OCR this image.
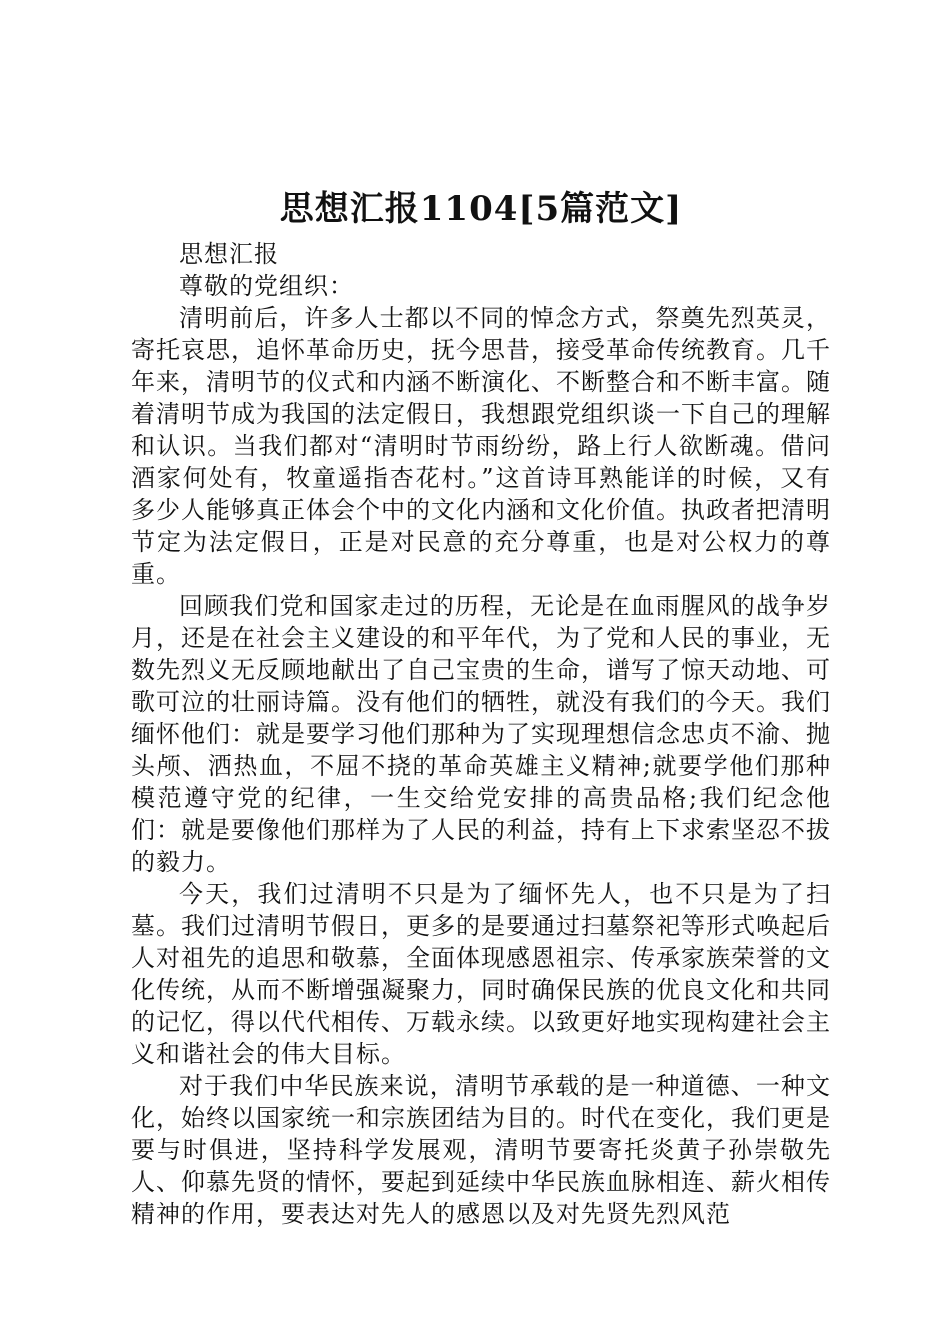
思想汇报1104[5篇范文]

思想汇报

尊敬的党组织：

清明前后，许多人士都以不同的悼念方式，祭奠先烈英灵，寄托哀思，追怀革命历史，抚今思昔，接受革命传统教育。几千年来，清明节的仪式和内涵不断演化、不断整合和不断丰富。随着清明节成为我国的法定假日，我想跟党组织谈一下自己的理解和认识。当我们都对“清明时节雨纷纷，路上行人欲断魂。借问酒家何处有，牧童遥指杏花村。”这首诗耳熟能详的时候，又有多少人能够真正体会个中的文化内涵和文化价值。执政者把清明节定为法定假日，正是对民意的充分尊重，也是对公权力的尊重。

回顾我们党和国家走过的历程，无论是在血雨腥风的战争岁月，还是在社会主义建设的和平年代，为了党和人民的事业，无数先烈义无反顾地献出了自己宝贵的生命，谱写了惊天动地、可歌可泣的壮丽诗篇。没有他们的牺牲，就没有我们的今天。我们缅怀他们：就是要学习他们那种为了实现理想信念忠贞不渝、抛头颅、洒热血，不屈不挠的革命英雄主义精神;就要学他们那种模范遵守党的纪律，一生交给党安排的高贵品格;我们纪念他们：就是要像他们那样为了人民的利益，持有上下求索坚忍不拔的毅力。

今天，我们过清明不只是为了缅怀先人，也不只是为了扫墓。我们过清明节假日，更多的是要通过扫墓祭祀等形式唤起后人对祖先的追思和敬慕，全面体现感恩祖宗、传承家族荣誉的文化传统，从而不断增强凝聚力，同时确保民族的优良文化和共同的记忆，得以代代相传、万载永续。以致更好地实现构建社会主义和谐社会的伟大目标。

对于我们中华民族来说，清明节承载的是一种道德、一种文化，始终以国家统一和宗族团结为目的。时代在变化，我们更是要与时俱进，坚持科学发展观，清明节要寄托炎黄子孙崇敬先人、仰慕先贤的情怀，要起到延续中华民族血脉相连、薪火相传精神的作用，要表达对先人的感恩以及对先贤先烈风范
